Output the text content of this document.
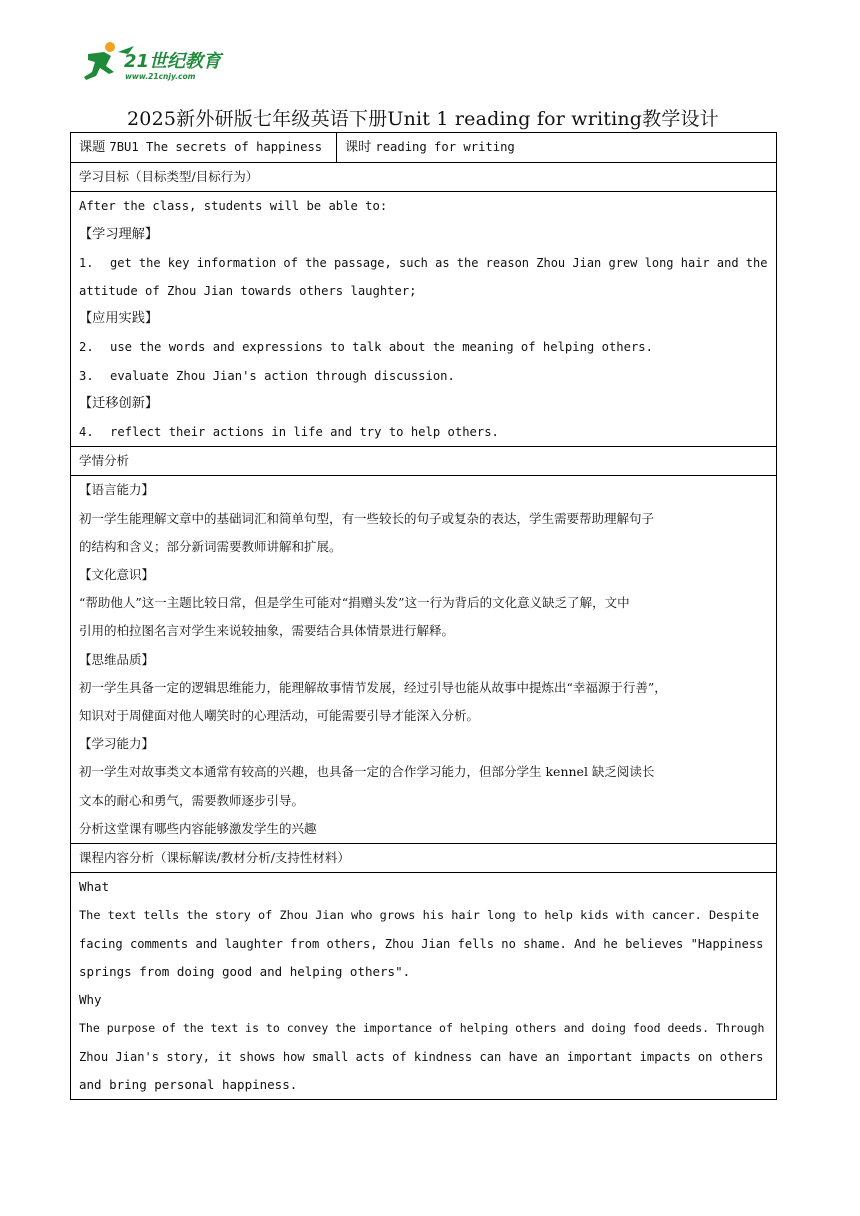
21世纪教育
www.21cnjy.com
2025新外研版七年级英语下册Unit 1 reading for writing教学设计
课题 7BU1 The secrets of happiness	课时 reading for writing
学习目标（目标类型/目标行为）

After the class, students will be able to:
【学习理解】
1. get the key information of the passage, such as the reason Zhou Jian grew long hair and the
attitude of Zhou Jian towards others laughter;
【应用实践】
2. use the words and expressions to talk about the meaning of helping others.
3. evaluate Zhou Jian's action through discussion.
【迁移创新】
4. reflect their actions in life and try to help others.

学情分析

【语言能力】
初一学生能理解文章中的基础词汇和简单句型，有一些较长的句子或复杂的表达，学生需要帮助理解句子
的结构和含义；部分新词需要教师讲解和扩展。
【文化意识】
“帮助他人”这一主题比较日常，但是学生可能对“捐赠头发”这一行为背后的文化意义缺乏了解，文中
引用的柏拉图名言对学生来说较抽象，需要结合具体情景进行解释。
【思维品质】
初一学生具备一定的逻辑思维能力，能理解故事情节发展，经过引导也能从故事中提炼出“幸福源于行善”，
知识对于周健面对他人嘲笑时的心理活动，可能需要引导才能深入分析。
【学习能力】
初一学生对故事类文本通常有较高的兴趣，也具备一定的合作学习能力，但部分学生 kennel 缺乏阅读长
文本的耐心和勇气，需要教师逐步引导。
分析这堂课有哪些内容能够激发学生的兴趣

课程内容分析（课标解读/教材分析/支持性材料）

What
The text tells the story of Zhou Jian who grows his hair long to help kids with cancer. Despite
facing comments and laughter from others, Zhou Jian fells no shame. And he believes "Happiness
springs from doing good and helping others".
Why
The purpose of the text is to convey the importance of helping others and doing food deeds. Through
Zhou Jian's story, it shows how small acts of kindness can have an important impacts on others
and bring personal happiness.
